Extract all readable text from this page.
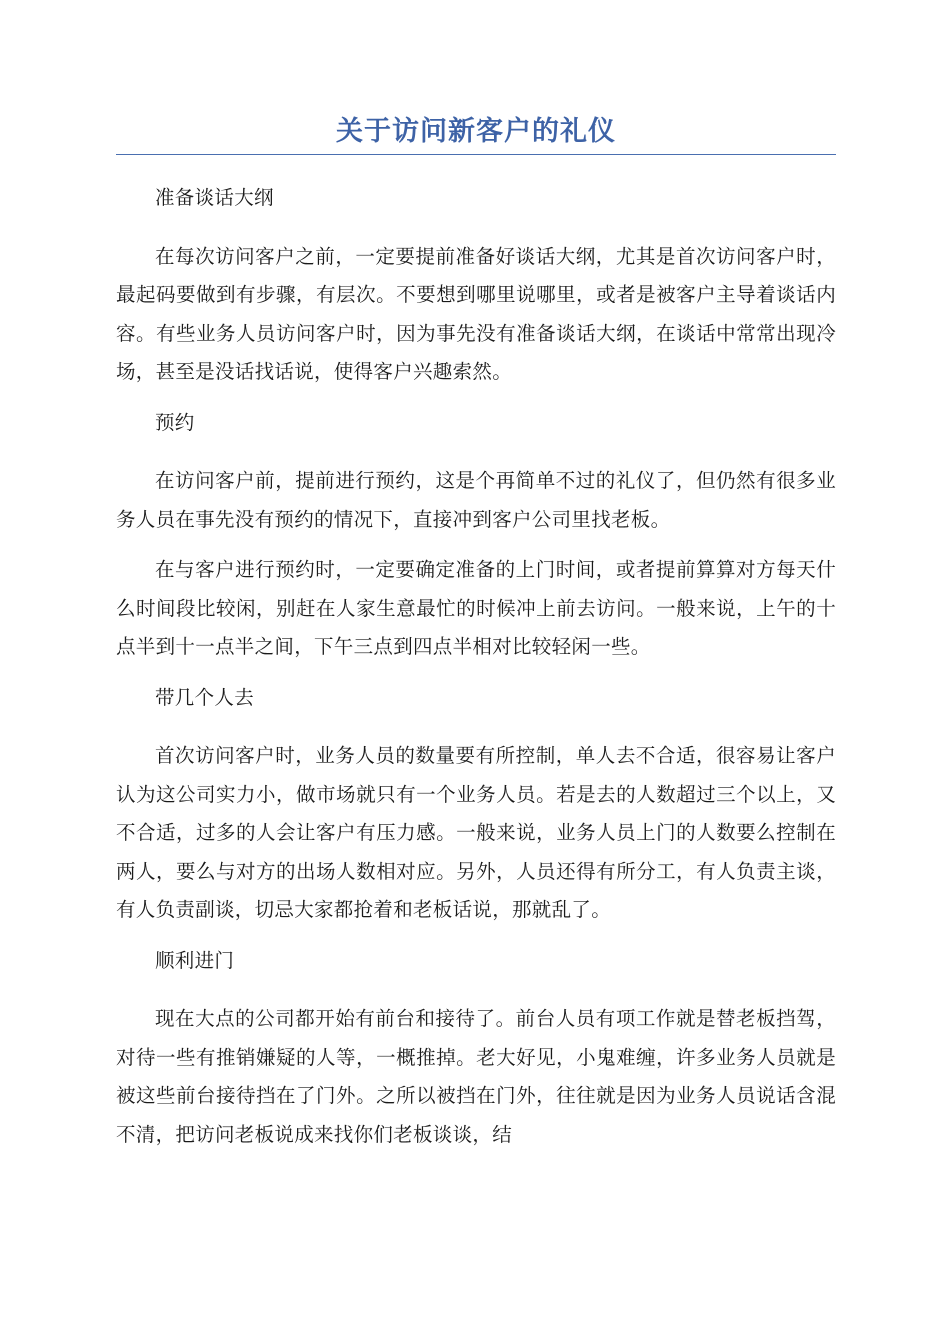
关于访问新客户的礼仪

准备谈话大纲

在每次访问客户之前，一定要提前准备好谈话大纲，尤其是首次访问客户时，最起码要做到有步骤，有层次。不要想到哪里说哪里，或者是被客户主导着谈话内容。有些业务人员访问客户时，因为事先没有准备谈话大纲，在谈话中常常出现冷场，甚至是没话找话说，使得客户兴趣索然。

预约

在访问客户前，提前进行预约，这是个再简单不过的礼仪了，但仍然有很多业务人员在事先没有预约的情况下，直接冲到客户公司里找老板。

在与客户进行预约时，一定要确定准备的上门时间，或者提前算算对方每天什么时间段比较闲，别赶在人家生意最忙的时候冲上前去访问。一般来说，上午的十点半到十一点半之间，下午三点到四点半相对比较轻闲一些。

带几个人去

首次访问客户时，业务人员的数量要有所控制，单人去不合适，很容易让客户认为这公司实力小，做市场就只有一个业务人员。若是去的人数超过三个以上，又不合适，过多的人会让客户有压力感。一般来说，业务人员上门的人数要么控制在两人，要么与对方的出场人数相对应。另外，人员还得有所分工，有人负责主谈，有人负责副谈，切忌大家都抢着和老板话说，那就乱了。

顺利进门

现在大点的公司都开始有前台和接待了。前台人员有项工作就是替老板挡驾，对待一些有推销嫌疑的人等，一概推掉。老大好见，小鬼难缠，许多业务人员就是被这些前台接待挡在了门外。之所以被挡在门外，往往就是因为业务人员说话含混不清，把访问老板说成来找你们老板谈谈，结
